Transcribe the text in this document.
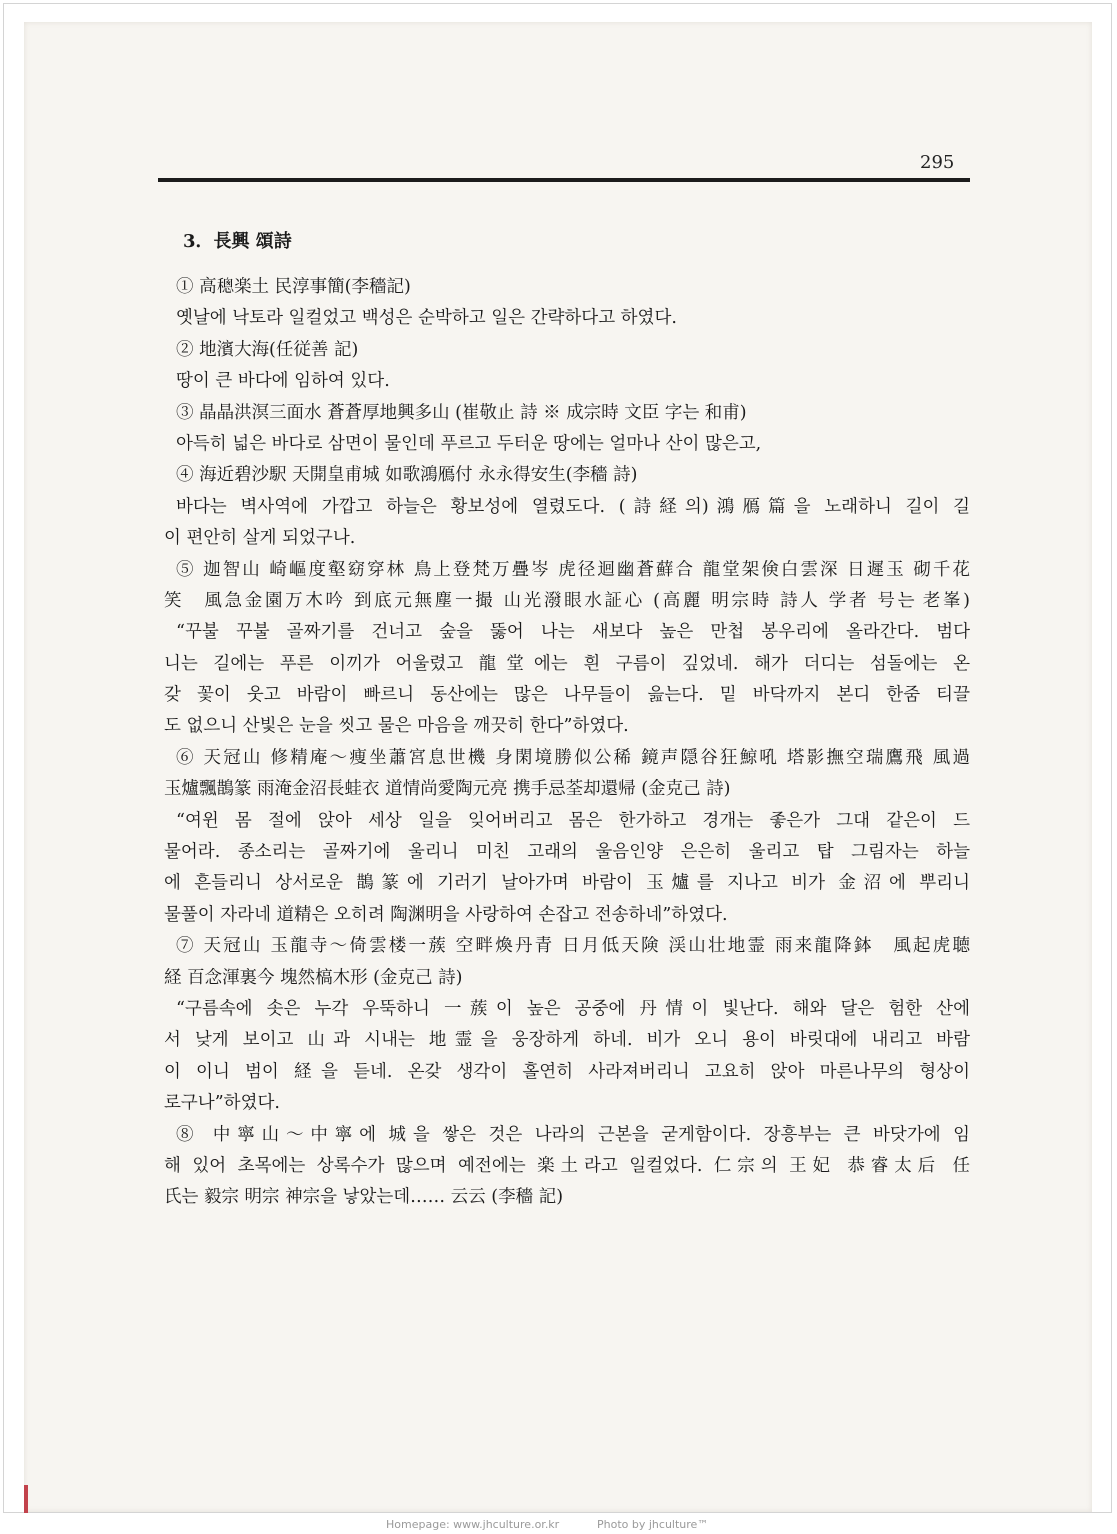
295
3．長興 頌詩
① 高𥡥楽土 民淳事簡(李穡記)
옛날에 낙토라 일컬었고 백성은 순박하고 일은 간략하다고 하였다.
② 地濱大海(任従善 記)
땅이 큰 바다에 임하여 있다.
③ 晶晶洪溟三面水 蒼蒼厚地興多山 (崔敬止 詩 ※ 成宗時 文臣 字는 和甫)
아득히 넓은 바다로 삼면이 물인데 푸르고 두터운 땅에는 얼마나 산이 많은고,
④ 海近碧沙駅 天開皇甫城 如歌鴻鴈付 永永得安生(李穡 詩)
바다는 벽사역에 가깝고 하늘은 황보성에 열렸도다. (詩経의)鴻鴈篇을 노래하니 길이 길
이 편안히 살게 되었구나.
⑤ 迦智山 崎嶇度壑窈穿林 鳥上登梵万疊岑 虎径迴幽蒼蘚合 龍堂架倹白雲深 日遲玉 砌千花
笑　風急金園万木吟 到底元無塵一撮 山光潑眼水証心 (高麗 明宗時 詩人 学者 号는 老峯)
“꾸불 꾸불 골짜기를 건너고 숲을 뚫어 나는 새보다 높은 만첩 봉우리에 올라간다. 범다
니는 길에는 푸른 이끼가 어울렸고 龍堂에는 흰 구름이 깊었네. 해가 더디는 섬돌에는 온
갖 꽃이 웃고 바람이 빠르니 동산에는 많은 나무들이 읊는다. 밑 바닥까지 본디 한줌 티끌
도 없으니 산빛은 눈을 씻고 물은 마음을 깨끗히 한다”하였다.
⑥ 天冠山 修精庵～痩坐蕭宮息世機 身閑境勝似公稀 鏡声隠谷狂鯨吼 塔影撫空瑞鷹飛 風過
玉爐飄鵲篆 雨淹金沼長蛙衣 道情尚愛陶元亮 携手忌荃却還帰 (金克己 詩)
“여윈 몸 절에 앉아 세상 일을 잊어버리고 몸은 한가하고 경개는 좋은가 그대 같은이 드
물어라. 종소리는 골짜기에 울리니 미친 고래의 울음인양 은은히 울리고 탑 그림자는 하늘
에 흔들리니 상서로운 鵲篆에 기러기 날아가며 바람이 玉爐를 지나고 비가 金沼에 뿌리니
물풀이 자라네 道精은 오히려 陶渊明을 사랑하여 손잡고 전송하네”하였다.
⑦ 天冠山 玉龍寺～倚雲楼一蔟 空畔煥丹青 日月低天険 渓山壮地霊 雨来龍降鉢　風起虎聴
経 百念渾裏今 塊然槁木形 (金克己 詩)
“구름속에 솟은 누각 우뚝하니 一蔟이 높은 공중에 丹情이 빛난다. 해와 달은 험한 산에
서 낮게 보이고 山과 시내는 地霊을 웅장하게 하네. 비가 오니 용이 바릿대에 내리고 바람
이 이니 범이 経을 듣네. 온갖 생각이 홀연히 사라져버리니 고요히 앉아 마른나무의 형상이
로구나”하였다.
⑧ 中寧山～中寧에 城을 쌓은 것은 나라의 근본을 굳게함이다. 장흥부는 큰 바닷가에 임
해 있어 초목에는 상록수가 많으며 예전에는 楽土라고 일컬었다. 仁宗의 王妃 恭睿太后 任
氏는 毅宗 明宗 神宗을 낳았는데…… 云云 (李穡 記)
Homepage: www.jhculture.or.kr	Photo by jhculture™
